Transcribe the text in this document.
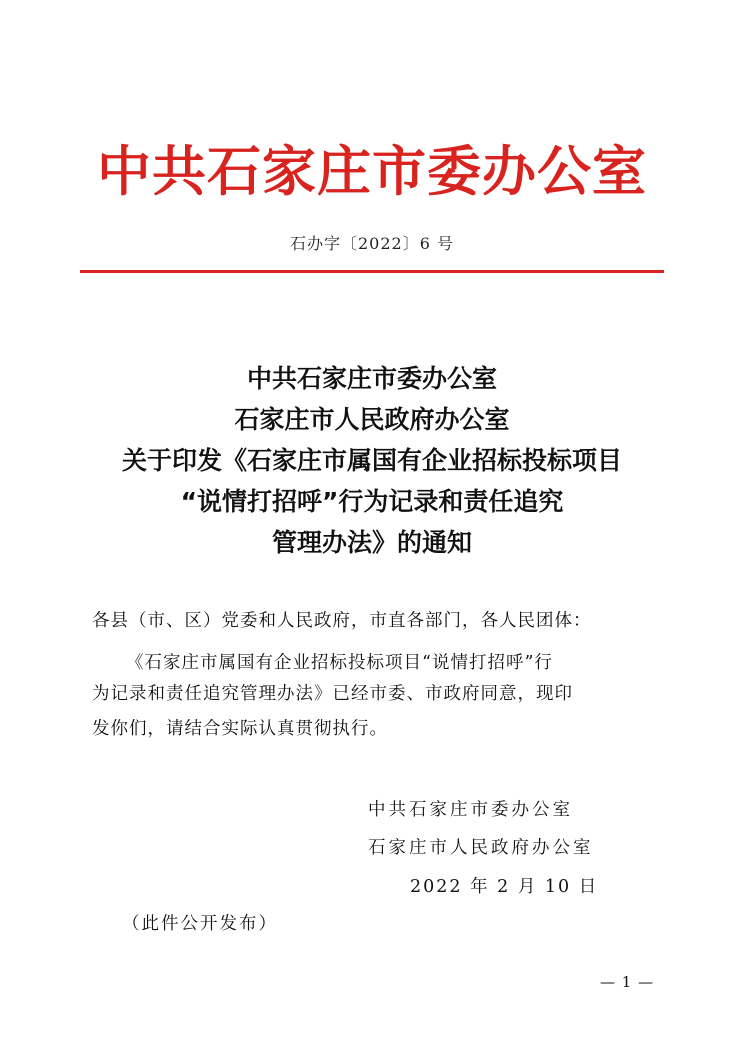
中共石家庄市委办公室
石办字〔2022〕6 号
中共石家庄市委办公室
石家庄市人民政府办公室
关于印发《石家庄市属国有企业招标投标项目
“说情打招呼”行为记录和责任追究
管理办法》的通知
各县（市、区）党委和人民政府，市直各部门，各人民团体：
《石家庄市属国有企业招标投标项目“说情打招呼”行
为记录和责任追究管理办法》已经市委、市政府同意，现印
发你们，请结合实际认真贯彻执行。
中共石家庄市委办公室
石家庄市人民政府办公室
2022 年 2 月 10 日
（此件公开发布）
— 1 —
